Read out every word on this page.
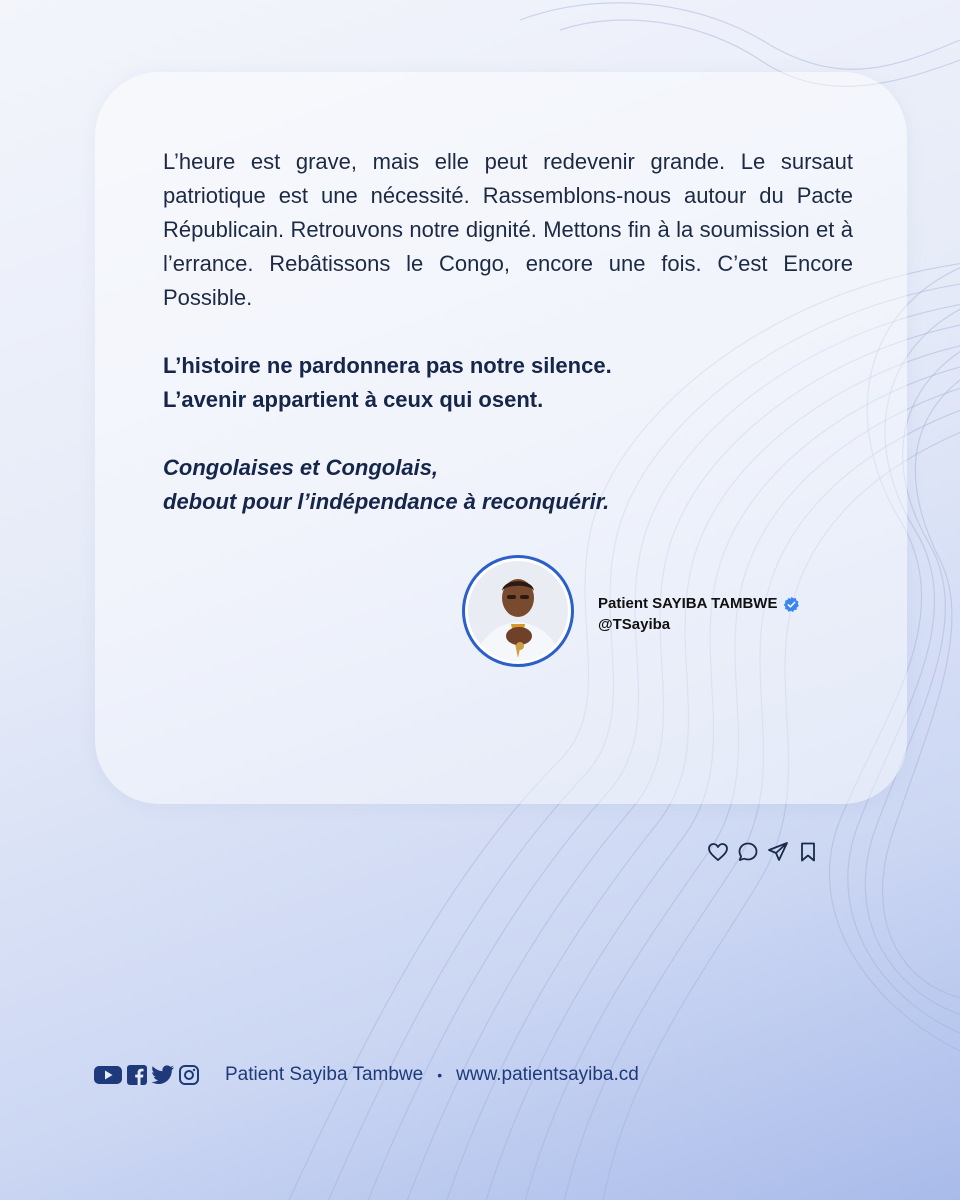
L’heure est grave, mais elle peut redevenir grande. Le sursaut patriotique est une nécessité. Rassemblons-nous autour du Pacte Républicain. Retrouvons notre dignité. Mettons fin à la soumission et à l’errance. Rebâtissons le Congo, encore une fois. C’est Encore Possible.

L’histoire ne pardonnera pas notre silence.
L’avenir appartient à ceux qui osent.

Congolaises et Congolais,
debout pour l’indépendance à reconquérir.

Patient SAYIBA TAMBWE
@TSayiba
Patient Sayiba Tambwe • www.patientsayiba.cd
